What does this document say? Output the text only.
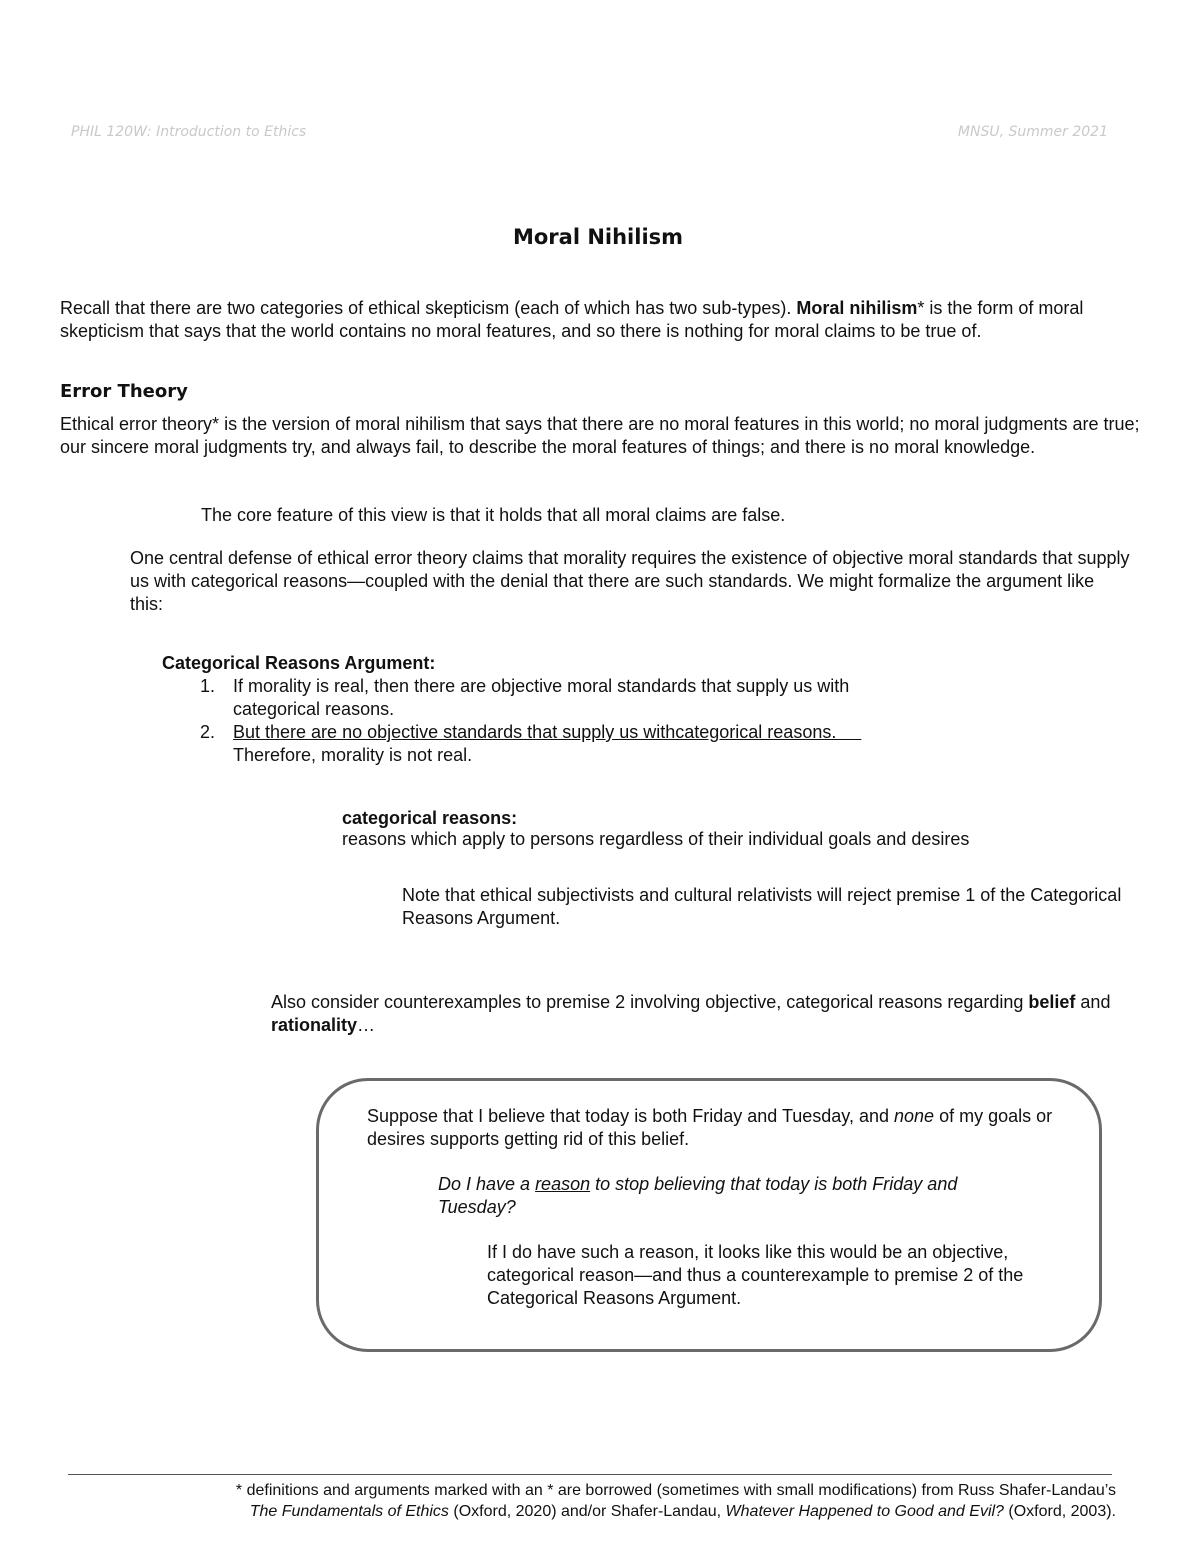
PHIL 120W: Introduction to Ethics	MNSU, Summer 2021
Moral Nihilism

Recall that there are two categories of ethical skepticism (each of which has two sub-types). Moral nihilism* is the form of moral skepticism that says that the world contains no moral features, and so there is nothing for moral claims to be true of.

Error Theory

Ethical error theory* is the version of moral nihilism that says that there are no moral features in this world; no moral judgments are true; our sincere moral judgments try, and always fail, to describe the moral features of things; and there is no moral knowledge.

The core feature of this view is that it holds that all moral claims are false.

One central defense of ethical error theory claims that morality requires the existence of objective moral standards that supply us with categorical reasons—coupled with the denial that there are such standards. We might formalize the argument like this:

Categorical Reasons Argument:
1. If morality is real, then there are objective moral standards that supply us with categorical reasons.
2. But there are no objective standards that supply us withcategorical reasons.
Therefore, morality is not real.
categorical reasons:
reasons which apply to persons regardless of their individual goals and desires

Note that ethical subjectivists and cultural relativists will reject premise 1 of the Categorical Reasons Argument.

Also consider counterexamples to premise 2 involving objective, categorical reasons regarding belief and rationality…

Suppose that I believe that today is both Friday and Tuesday, and none of my goals or desires supports getting rid of this belief.

Do I have a reason to stop believing that today is both Friday and Tuesday?

If I do have such a reason, it looks like this would be an objective, categorical reason—and thus a counterexample to premise 2 of the Categorical Reasons Argument.

* definitions and arguments marked with an * are borrowed (sometimes with small modifications) from Russ Shafer-Landau’s
The Fundamentals of Ethics (Oxford, 2020) and/or Shafer-Landau, Whatever Happened to Good and Evil? (Oxford, 2003).
